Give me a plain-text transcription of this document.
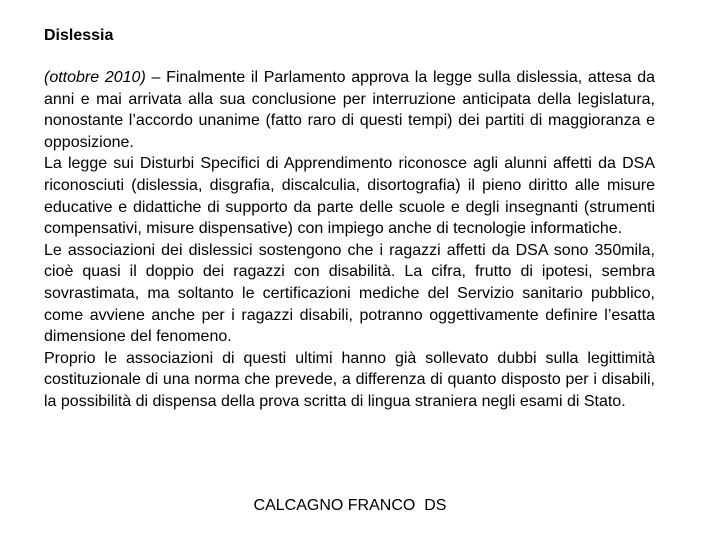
Dislessia

(ottobre 2010) – Finalmente il Parlamento approva la legge sulla dislessia, attesa da anni e mai arrivata alla sua conclusione per interruzione anticipata della legislatura, nonostante l’accordo unanime (fatto raro di questi tempi) dei partiti di maggioranza e opposizione.

La legge sui Disturbi Specifici di Apprendimento riconosce agli alunni affetti da DSA riconosciuti (dislessia, disgrafia, discalculia, disortografia) il pieno diritto alle misure educative e didattiche di supporto da parte delle scuole e degli insegnanti (strumenti compensativi, misure dispensative) con impiego anche di tecnologie informatiche.

Le associazioni dei dislessici sostengono che i ragazzi affetti da DSA sono 350mila, cioè quasi il doppio dei ragazzi con disabilità. La cifra, frutto di ipotesi, sembra sovrastimata, ma soltanto le certificazioni mediche del Servizio sanitario pubblico, come avviene anche per i ragazzi disabili, potranno oggettivamente definire l’esatta dimensione del fenomeno.

Proprio le associazioni di questi ultimi hanno già sollevato dubbi sulla legittimità costituzionale di una norma che prevede, a differenza di quanto disposto per i disabili, la possibilità di dispensa della prova scritta di lingua straniera negli esami di Stato.

CALCAGNO FRANCO  DS
